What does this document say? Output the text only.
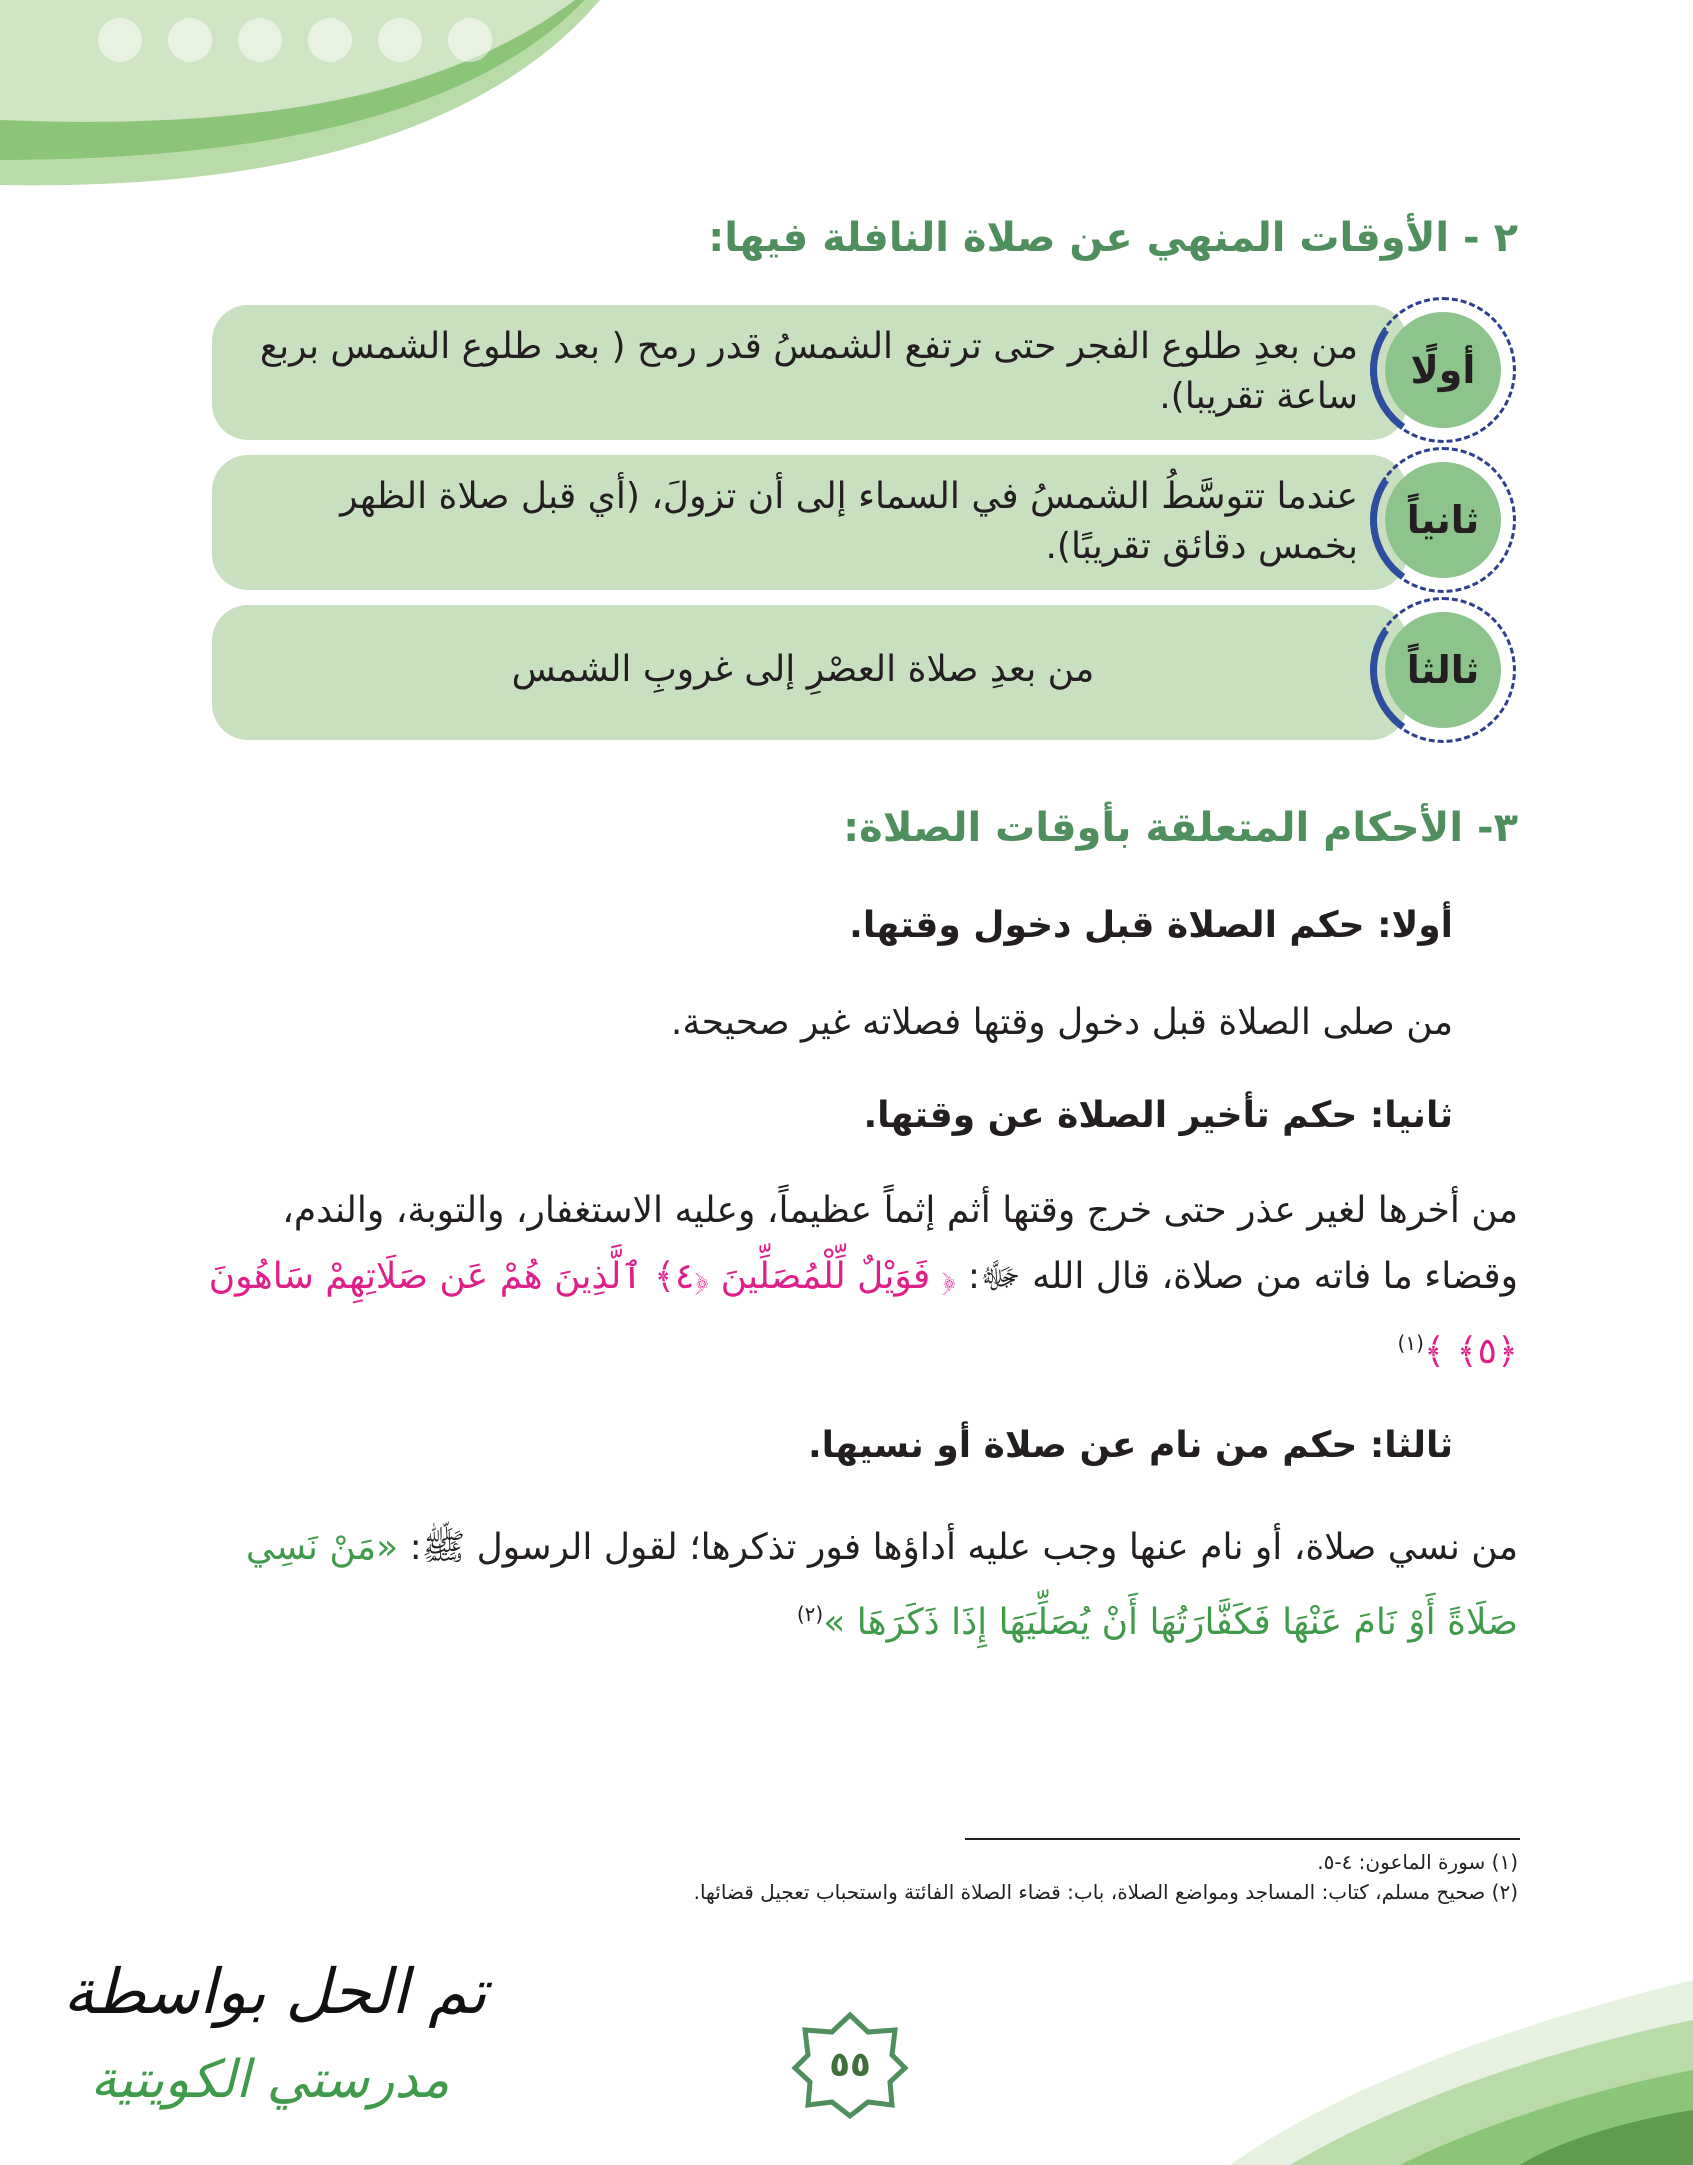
٢ - الأوقات المنهي عن صلاة النافلة فيها:
من بعدِ طلوع الفجر حتى ترتفع الشمسُ قدر رمح ( بعد طلوع الشمس بربع ساعة تقريبا).
أولًا
عندما تتوسَّطُ الشمسُ في السماء إلى أن تزولَ، (أي قبل صلاة الظهر بخمس دقائق تقريبًا).
ثانياً
من بعدِ صلاة العصْرِ إلى غروبِ الشمس	ثالثاً
٣- الأحكام المتعلقة بأوقات الصلاة:
أولا: حكم الصلاة قبل دخول وقتها.
من صلى الصلاة قبل دخول وقتها فصلاته غير صحيحة.
ثانيا: حكم تأخير الصلاة عن وقتها.
من أخرها لغير عذر حتى خرج وقتها أثم إثماً عظيماً، وعليه الاستغفار، والتوبة، والندم، وقضاء ما فاته من صلاة، قال الله ﷻ: ﴿ فَوَيْلٌ لِّلْمُصَلِّينَ ﴿٤﴾ ٱلَّذِينَ هُمْ عَن صَلَاتِهِمْ سَاهُونَ ﴿٥﴾ ﴾$^{(١)}$
ثالثا: حكم من نام عن صلاة أو نسيها.
من نسي صلاة، أو نام عنها وجب عليه أداؤها فور تذكرها؛ لقول الرسول ﷺ: «مَنْ نَسِي صَلَاةً أَوْ نَامَ عَنْهَا فَكَفَّارَتُهَا أَنْ يُصَلِّيَهَا إِذَا ذَكَرَهَا »$^{(٢)}$
(١) سورة الماعون: ٤-٥.
(٢) صحيح مسلم، كتاب: المساجد ومواضع الصلاة، باب: قضاء الصلاة الفائتة واستحباب تعجيل قضائها.
تم الحل بواسطة
مدرستي الكويتية	٥٥
